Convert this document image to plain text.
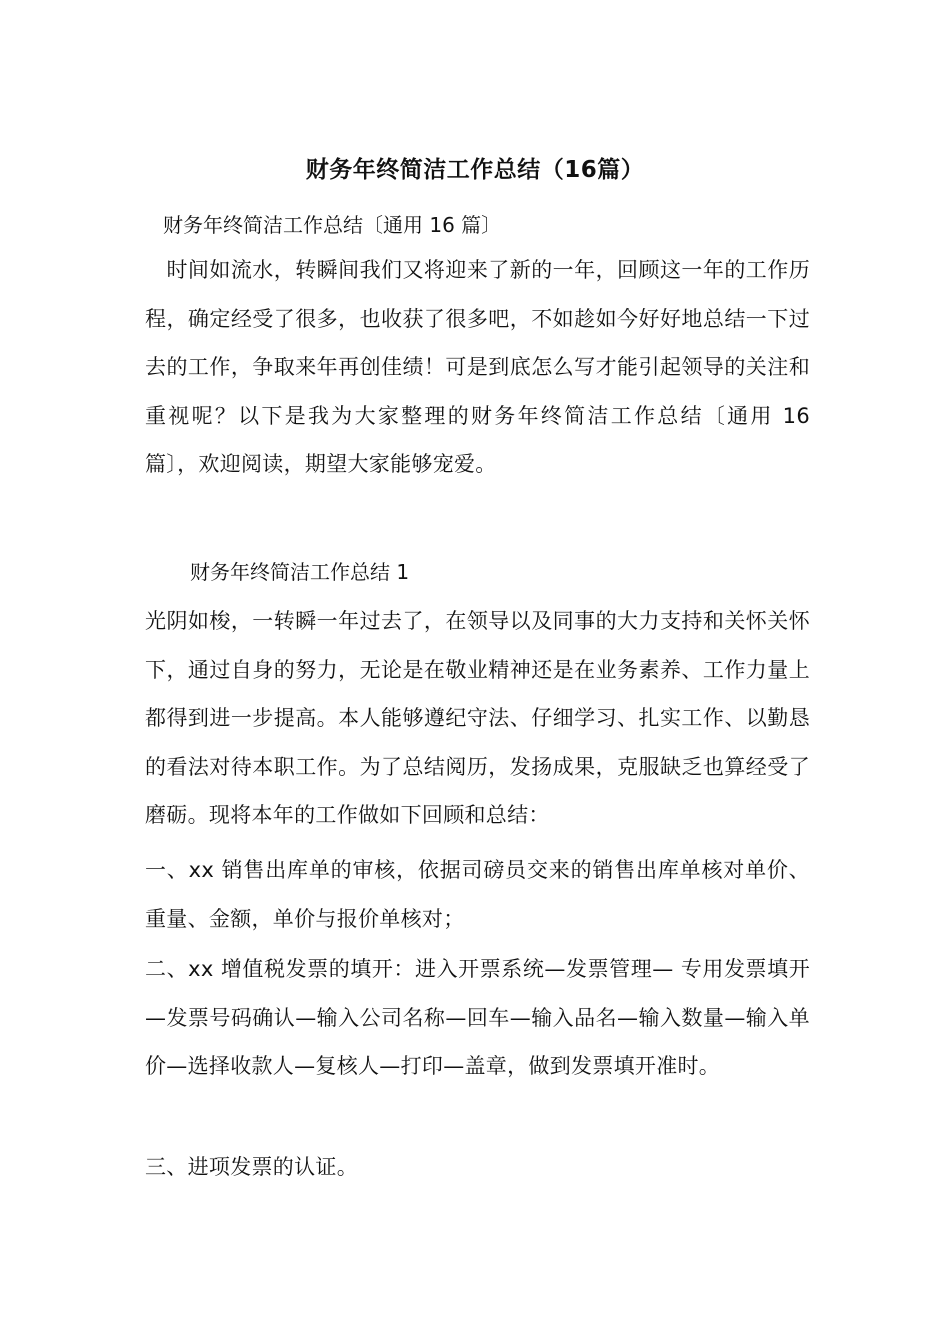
财务年终简洁工作总结（16篇）
财务年终简洁工作总结〔通用 16 篇〕

　时间如流水，转瞬间我们又将迎来了新的一年，回顾这一年的工作历程，确定经受了很多，也收获了很多吧，不如趁如今好好地总结一下过去的工作，争取来年再创佳绩！可是到底怎么写才能引起领导的关注和重视呢？以下是我为大家整理的财务年终简洁工作总结〔通用 16 篇〕，欢迎阅读，期望大家能够宠爱。

财务年终简洁工作总结 1

光阴如梭，一转瞬一年过去了，在领导以及同事的大力支持和关怀关怀下，通过自身的努力，无论是在敬业精神还是在业务素养、工作力量上都得到进一步提高。本人能够遵纪守法、仔细学习、扎实工作、以勤恳的看法对待本职工作。为了总结阅历，发扬成果，克服缺乏也算经受了磨砺。现将本年的工作做如下回顾和总结：

一、xx 销售出库单的审核，依据司磅员交来的销售出库单核对单价、重量、金额，单价与报价单核对；

二、xx 增值税发票的填开：进入开票系统—发票管理— 专用发票填开—发票号码确认—输入公司名称—回车—输入品名—输入数量—输入单价—选择收款人—复核人—打印—盖章，做到发票填开准时。

三、进项发票的认证。
